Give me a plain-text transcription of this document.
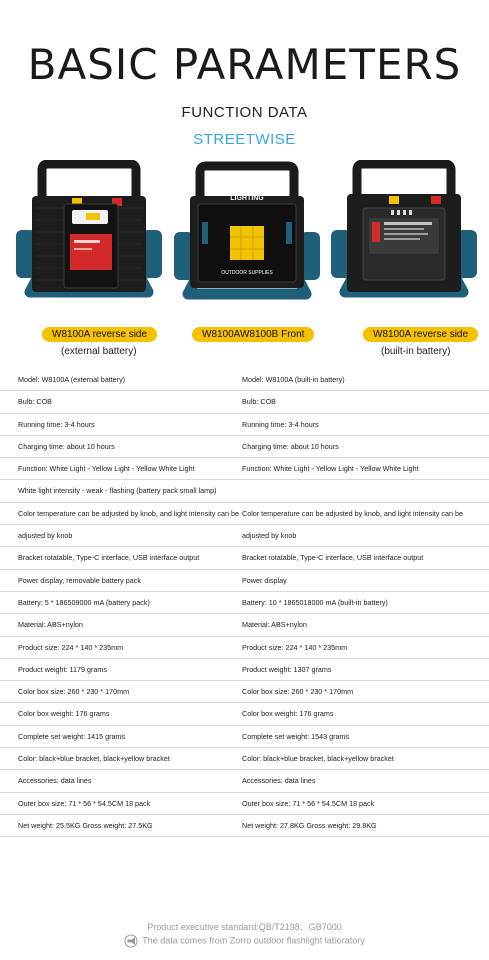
BASIC PARAMETERS
FUNCTION DATA
STREETWISE
W8100A reverse side
(external battery)
LIGHTING
OUTDOOR SUPPLIES
W8100AW8100B Front	W8100A reverse side
(built-in battery)
Model: W8100A (external battery)	Model: W8100A (built-in battery)
Bulb: COB	Bulb: COB
Running time: 3-4 hours	Running time: 3-4 hours
Charging time: about 10 hours	Charging time: about 10 hours
Function: White Light - Yellow Light - Yellow White Light	Function: White Light - Yellow Light - Yellow White Light
White light intensity - weak - flashing (battery pack small lamp)
Color temperature can be adjusted by knob, and light intensity can be Color temperature can be adjusted by knob, and light intensity can be
adjusted by knob	adjusted by knob
Bracket rotatable, Type-C interface, USB interface output	Bracket rotatable, Type-C interface, USB interface output
Power display, removable battery pack	Power display
Battery: 5 * 186509000 mA (battery pack)	Battery: 10 * 1865018000 mA (built-in battery)
Material: ABS+nylon	Material: ABS+nylon
Product size: 224 * 140 * 235mm	Product size: 224 * 140 * 235mm
Product weight: 1179 grams	Product weight: 1307 grams
Color box size: 260 * 230 * 170mm	Color box size: 260 * 230 * 170mm
Color box weight: 176 grams	Color box weight: 176 grams
Complete set weight: 1415 grams	Complete set weight: 1543 grams
Color: black+blue bracket, black+yellow bracket	Color: black+blue bracket, black+yellow bracket
Accessories: data lines	Accessories: data lines
Outer box size: 71 * 56 * 54.5CM 18 pack	Outer box size: 71 * 56 * 54.5CM 18 pack
Net weight: 25.5KG Gross weight: 27.5KG	Net weight: 27.8KG Gross weight: 29.8KG
Product executive standard:QB/T2198、GB7000
The data comes from Zorro outdoor flashlight laboratory
